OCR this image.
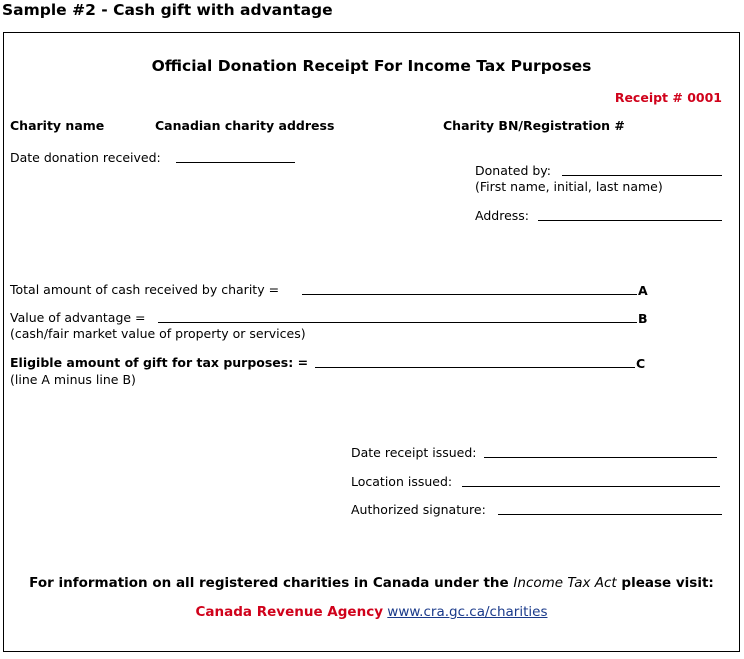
Sample #2 - Cash gift with advantage
Official Donation Receipt For Income Tax Purposes
Receipt # 0001
Charity name	Canadian charity address	Charity BN/Registration #
Date donation received:
Donated by:
(First name, initial, last name)
Address:
Total amount of cash received by charity =	A
Value of advantage =	B
(cash/fair market value of property or services)
Eligible amount of gift for tax purposes: =	C
(line A minus line B)
Date receipt issued:
Location issued:
Authorized signature:
For information on all registered charities in Canada under the Income Tax Act please visit:
Canada Revenue Agency www.cra.gc.ca/charities
